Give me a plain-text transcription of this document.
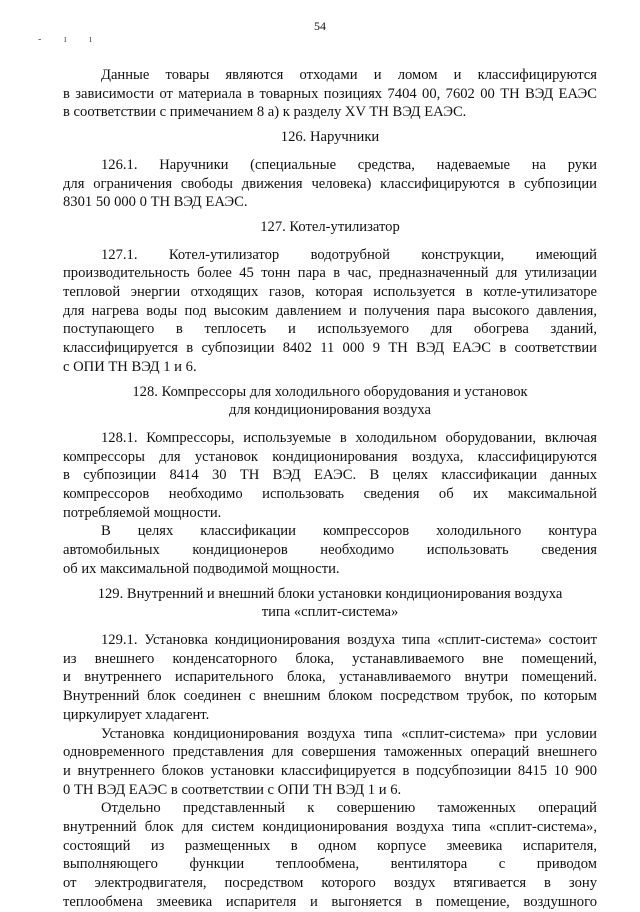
54
- ı ı
Данные товары являются отходами и ломом и классифицируются
в зависимости от материала в товарных позициях 7404 00, 7602 00 ТН ВЭД ЕАЭС
в соответствии с примечанием 8 а) к разделу XV ТН ВЭД ЕАЭС.
126. Наручники
126.1. Наручники (специальные средства, надеваемые на руки
для ограничения свободы движения человека) классифицируются в субпозиции
8301 50 000 0 ТН ВЭД ЕАЭС.
127. Котел-утилизатор
127.1. Котел-утилизатор водотрубной конструкции, имеющий
производительность более 45 тонн пара в час, предназначенный для утилизации
тепловой энергии отходящих газов, которая используется в котле-утилизаторе
для нагрева воды под высоким давлением и получения пара высокого давления,
поступающего в теплосеть и используемого для обогрева зданий,
классифицируется в субпозиции 8402 11 000 9 ТН ВЭД ЕАЭС в соответствии
с ОПИ ТН ВЭД 1 и 6.
128. Компрессоры для холодильного оборудования и установок
для кондиционирования воздуха
128.1. Компрессоры, используемые в холодильном оборудовании, включая
компрессоры для установок кондиционирования воздуха, классифицируются
в субпозиции 8414 30 ТН ВЭД ЕАЭС. В целях классификации данных
компрессоров необходимо использовать сведения об их максимальной
потребляемой мощности.
В целях классификации компрессоров холодильного контура
автомобильных кондиционеров необходимо использовать сведения
об их максимальной подводимой мощности.
129. Внутренний и внешний блоки установки кондиционирования воздуха
типа «сплит-система»
129.1. Установка кондиционирования воздуха типа «сплит-система» состоит
из внешнего конденсаторного блока, устанавливаемого вне помещений,
и внутреннего испарительного блока, устанавливаемого внутри помещений.
Внутренний блок соединен с внешним блоком посредством трубок, по которым
циркулирует хладагент.
Установка кондиционирования воздуха типа «сплит-система» при условии
одновременного представления для совершения таможенных операций внешнего
и внутреннего блоков установки классифицируется в подсубпозиции 8415 10 900
0 ТН ВЭД ЕАЭС в соответствии с ОПИ ТН ВЭД 1 и 6.
Отдельно представленный к совершению таможенных операций
внутренний блок для систем кондиционирования воздуха типа «сплит-система»,
состоящий из размещенных в одном корпусе змеевика испарителя,
выполняющего функции теплообмена, вентилятора с приводом
от электродвигателя, посредством которого воздух втягивается в зону
теплообмена змеевика испарителя и выгоняется в помещение, воздушного
